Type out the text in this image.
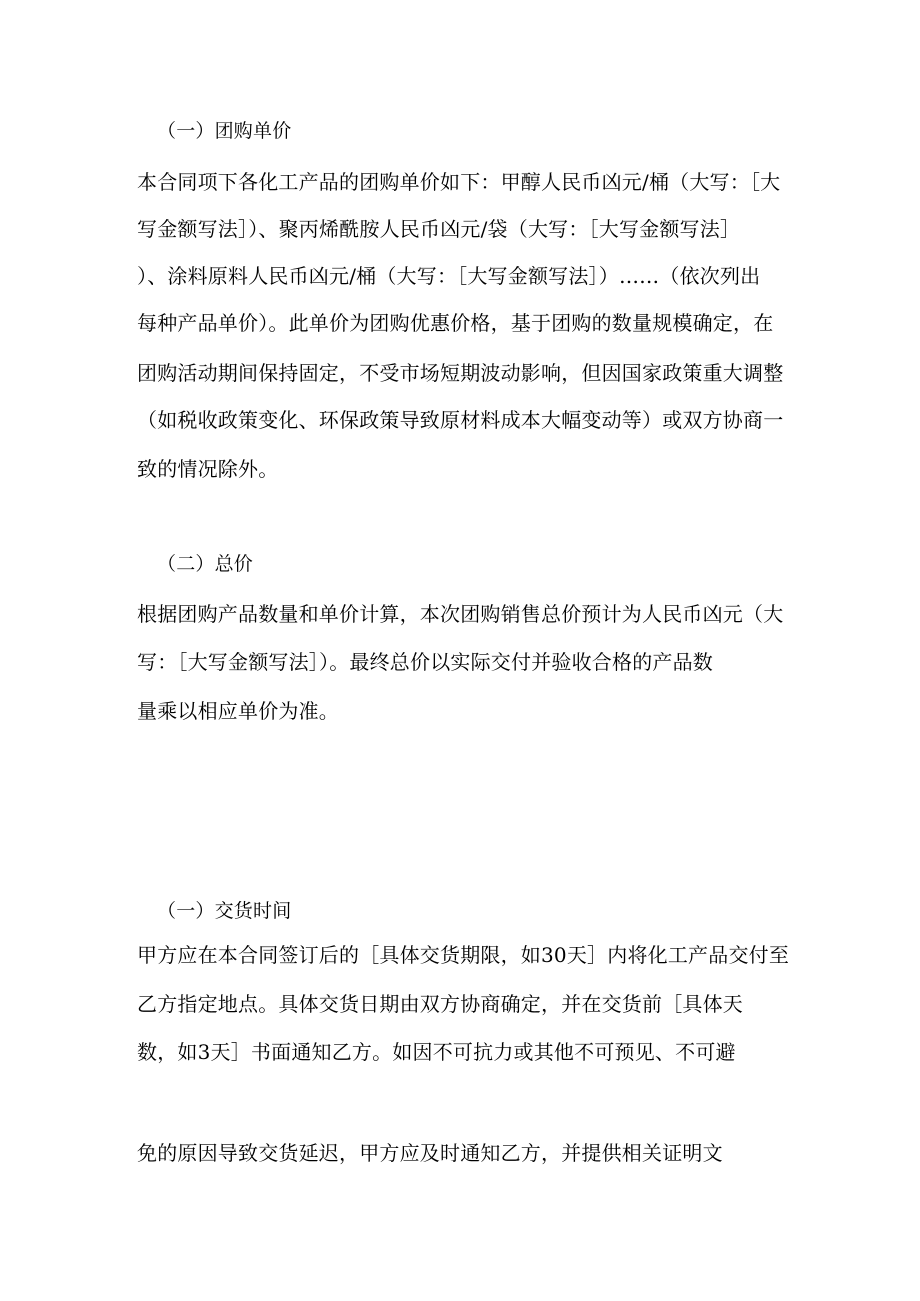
（一）团购单价
本合同项下各化工产品的团购单价如下：甲醇人民币凶元/桶（大写：［大
写金额写法］）、聚丙烯酰胺人民币凶元/袋（大写：［大写金额写法］
）、涂料原料人民币凶元/桶（大写：［大写金额写法］）……（依次列出
每种产品单价）。此单价为团购优惠价格，基于团购的数量规模确定，在
团购活动期间保持固定，不受市场短期波动影响，但因国家政策重大调整
（如税收政策变化、环保政策导致原材料成本大幅变动等）或双方协商一
致的情况除外。
（二）总价
根据团购产品数量和单价计算，本次团购销售总价预计为人民币凶元（大
写：［大写金额写法］）。最终总价以实际交付并验收合格的产品数
量乘以相应单价为准。
（一）交货时间
甲方应在本合同签订后的［具体交货期限，如30天］内将化工产品交付至
乙方指定地点。具体交货日期由双方协商确定，并在交货前［具体天
数，如3天］书面通知乙方。如因不可抗力或其他不可预见、不可避
免的原因导致交货延迟，甲方应及时通知乙方，并提供相关证明文
